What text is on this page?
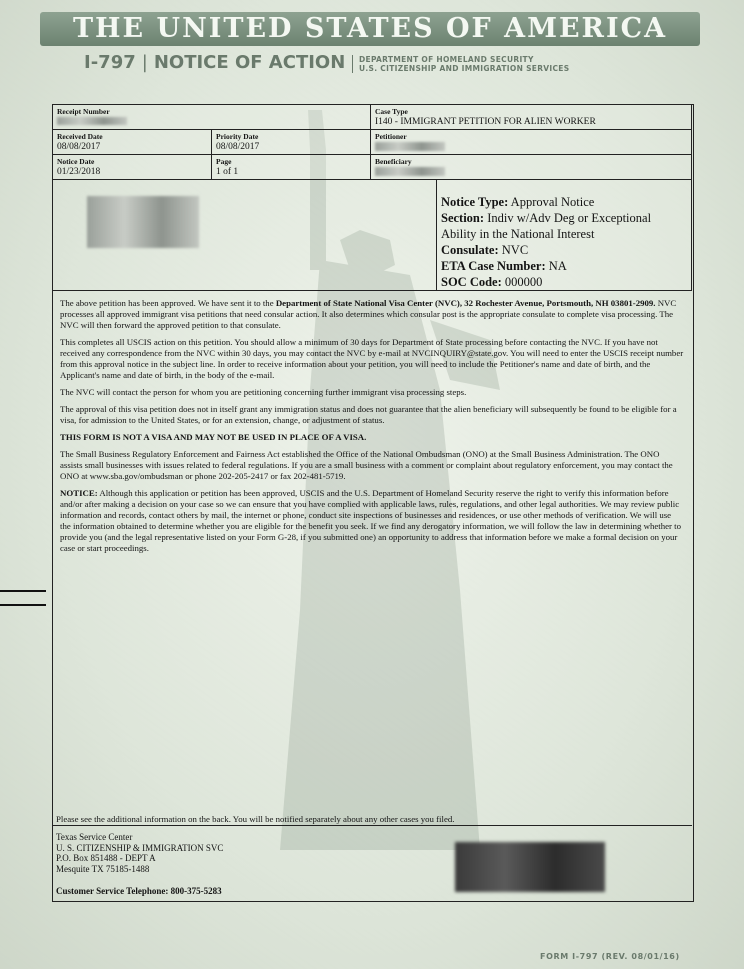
THE UNITED STATES OF AMERICA
I-797 | NOTICE OF ACTION DEPARTMENT OF HOMELAND SECURITY
U.S. CITIZENSHIP AND IMMIGRATION SERVICES
Receipt Number	Case Type
I140 - IMMIGRANT PETITION FOR ALIEN WORKER
Received Date
08/08/2017
Priority Date
08/08/2017
Petitioner
Notice Date
01/23/2018
Page
1 of 1
Beneficiary
Notice Type: Approval Notice
Section: Indiv w/Adv Deg or Exceptional
Ability in the National Interest
Consulate: NVC
ETA Case Number: NA
SOC Code: 000000

The above petition has been approved. We have sent it to the Department of State National Visa Center (NVC), 32 Rochester Avenue, Portsmouth, NH 03801-2909. NVC processes all approved immigrant visa petitions that need consular action. It also determines which consular post is the appropriate consulate to complete visa processing. The NVC will then forward the approved petition to that consulate.

This completes all USCIS action on this petition. You should allow a minimum of 30 days for Department of State processing before contacting the NVC. If you have not received any correspondence from the NVC within 30 days, you may contact the NVC by e-mail at NVCINQUIRY@state.gov. You will need to enter the USCIS receipt number from this approval notice in the subject line. In order to receive information about your petition, you will need to include the Petitioner's name and date of birth, and the Applicant's name and date of birth, in the body of the e-mail.

The NVC will contact the person for whom you are petitioning concerning further immigrant visa processing steps.

The approval of this visa petition does not in itself grant any immigration status and does not guarantee that the alien beneficiary will subsequently be found to be eligible for a visa, for admission to the United States, or for an extension, change, or adjustment of status.

THIS FORM IS NOT A VISA AND MAY NOT BE USED IN PLACE OF A VISA.

The Small Business Regulatory Enforcement and Fairness Act established the Office of the National Ombudsman (ONO) at the Small Business Administration. The ONO assists small businesses with issues related to federal regulations. If you are a small business with a comment or complaint about regulatory enforcement, you may contact the ONO at www.sba.gov/ombudsman or phone 202-205-2417 or fax 202-481-5719.

NOTICE: Although this application or petition has been approved, USCIS and the U.S. Department of Homeland Security reserve the right to verify this information before and/or after making a decision on your case so we can ensure that you have complied with applicable laws, rules, regulations, and other legal authorities. We may review public information and records, contact others by mail, the internet or phone, conduct site inspections of businesses and residences, or use other methods of verification. We will use the information obtained to determine whether you are eligible for the benefit you seek. If we find any derogatory information, we will follow the law in determining whether to provide you (and the legal representative listed on your Form G-28, if you submitted one) an opportunity to address that information before we make a formal decision on your case or start proceedings.

Please see the additional information on the back. You will be notified separately about any other cases you filed.
Texas Service Center
U. S. CITIZENSHIP & IMMIGRATION SVC
P.O. Box 851488 - DEPT A
Mesquite TX 75185-1488
Customer Service Telephone: 800-375-5283
FORM I-797 (REV. 08/01/16)
